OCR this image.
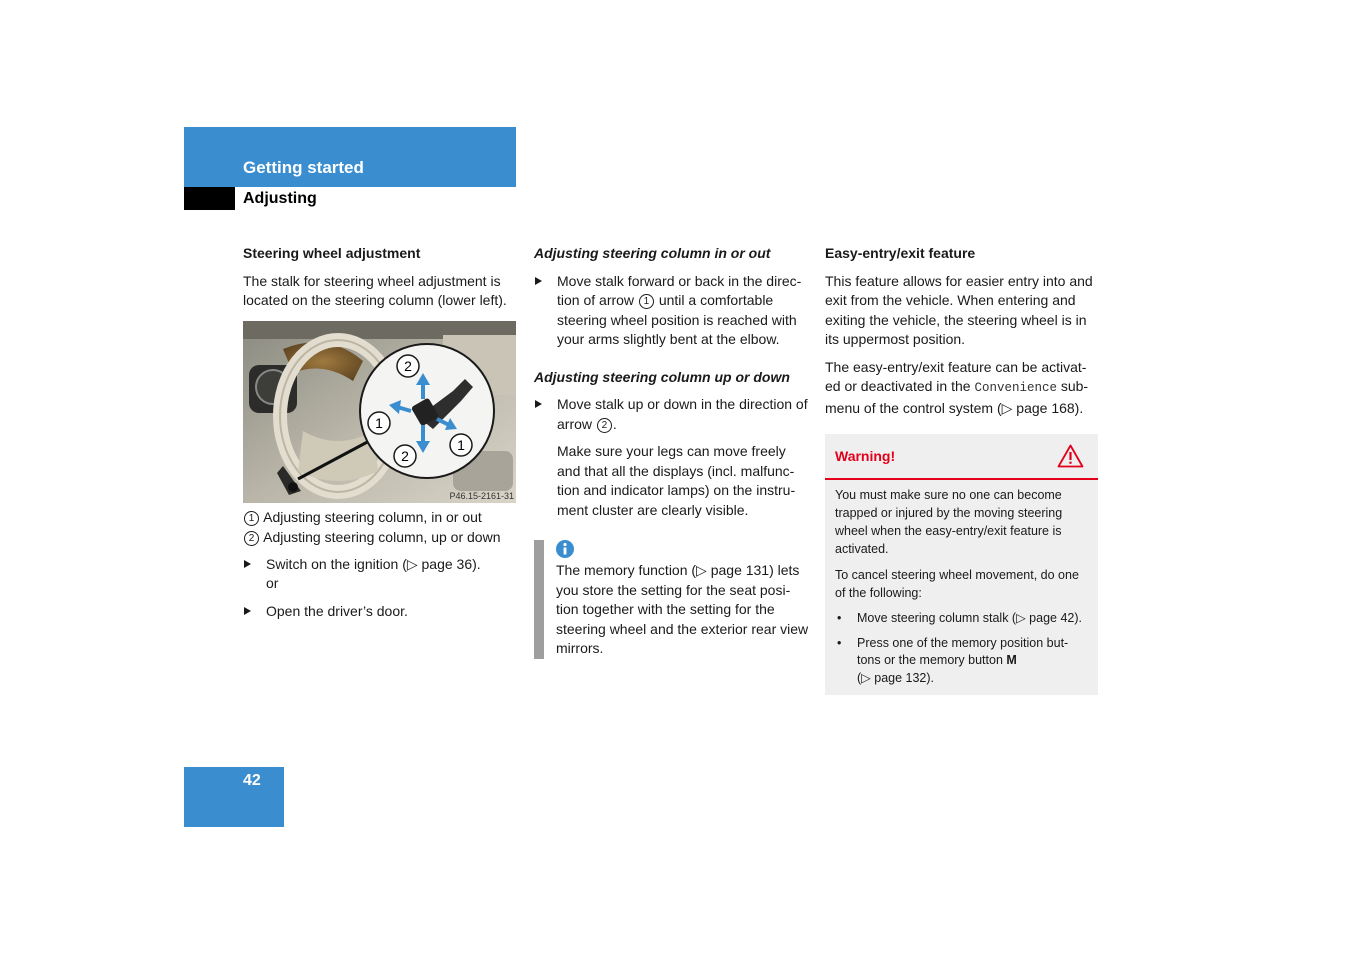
Getting started
Adjusting
Steering wheel adjustment

The stalk for steering wheel adjustment is located on the steering column (lower left).

2
1
2
1
P46.15-2161-31
1 Adjusting steering column, in or out
2 Adjusting steering column, up or down
Switch on the ignition (▷ page 36).
or
Open the driver’s door.
Adjusting steering column in or out
Move stalk forward or back in the direc-tion of arrow 1 until a comfortable steering wheel position is reached with your arms slightly bent at the elbow.
Adjusting steering column up or down
Move stalk up or down in the direction of arrow 2 .

Make sure your legs can move freely and that all the displays (incl. malfunc-tion and indicator lamps) on the instru-ment cluster are clearly visible.

The memory function (▷ page 131) lets you store the setting for the seat posi-tion together with the setting for the steering wheel and the exterior rear view mirrors.

Easy-entry/exit feature

This feature allows for easier entry into and exit from the vehicle. When entering and exiting the vehicle, the steering wheel is in its uppermost position.

The easy-entry/exit feature can be activat-ed or deactivated in the Convenience sub-menu of the control system (▷ page 168).

Warning!

You must make sure no one can become trapped or injured by the moving steering wheel when the easy-entry/exit feature is activated.

To cancel steering wheel movement, do one of the following:

• Move steering column stalk (▷ page 42).
• Press one of the memory position but-tons or the memory button M
(▷ page 132).
42
